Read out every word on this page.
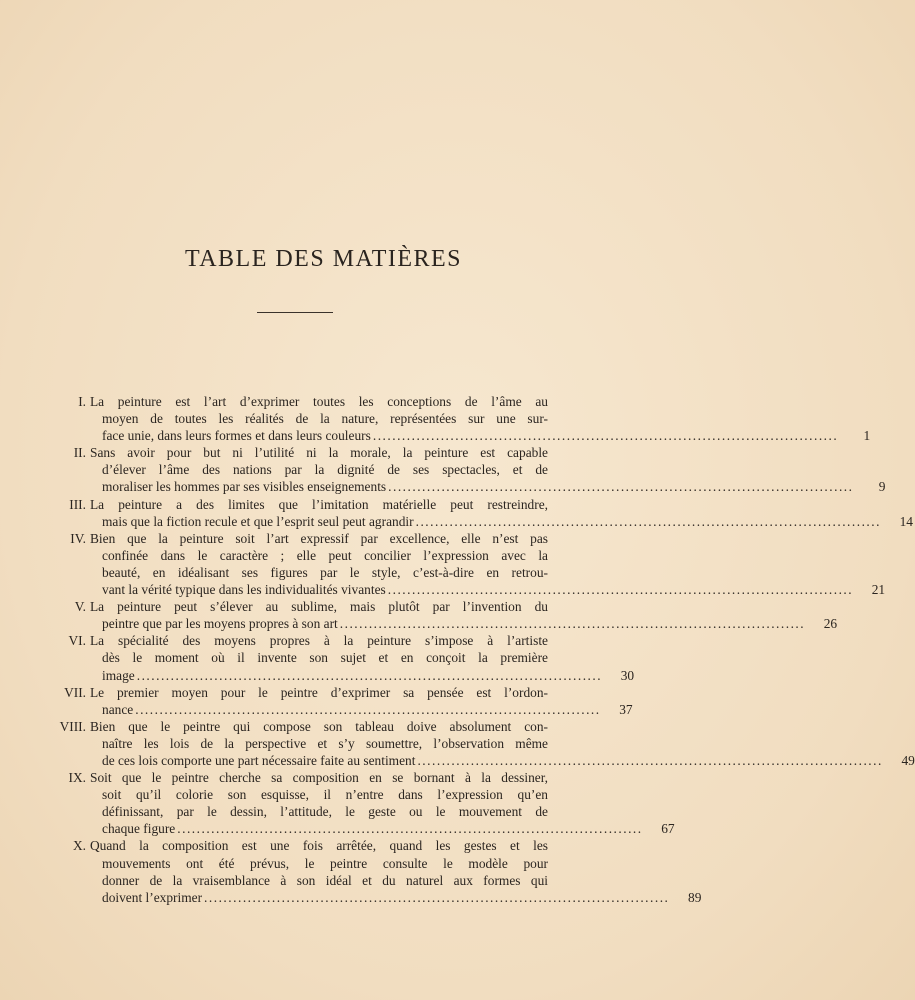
TABLE DES MATIÈRES
I. La peinture est l’art d’exprimer toutes les conceptions de l’âme au
moyen de toutes les réalités de la nature, représentées sur une sur-
face unie, dans leurs formes et dans leurs couleurs ................................................................................................	1
II. Sans avoir pour but ni l’utilité ni la morale, la peinture est capable
d’élever l’âme des nations par la dignité de ses spectacles, et de
moraliser les hommes par ses visibles enseignements ................................................................................................	9
III. La peinture a des limites que l’imitation matérielle peut restreindre,
mais que la fiction recule et que l’esprit seul peut agrandir ................................................................................................	14
IV. Bien que la peinture soit l’art expressif par excellence, elle n’est pas
confinée dans le caractère ; elle peut concilier l’expression avec la
beauté, en idéalisant ses figures par le style, c’est-à-dire en retrou-
vant la vérité typique dans les individualités vivantes ................................................................................................	21
V. La peinture peut s’élever au sublime, mais plutôt par l’invention du
peintre que par les moyens propres à son art ................................................................................................	26
VI. La spécialité des moyens propres à la peinture s’impose à l’artiste
dès le moment où il invente son sujet et en conçoit la première
image ................................................................................................	30
VII. Le premier moyen pour le peintre d’exprimer sa pensée est l’ordon-
nance ................................................................................................	37
VIII. Bien que le peintre qui compose son tableau doive absolument con-
naître les lois de la perspective et s’y soumettre, l’observation même
de ces lois comporte une part nécessaire faite au sentiment ................................................................................................	49
IX. Soit que le peintre cherche sa composition en se bornant à la dessiner,
soit qu’il colorie son esquisse, il n’entre dans l’expression qu’en
définissant, par le dessin, l’attitude, le geste ou le mouvement de
chaque figure ................................................................................................	67
X. Quand la composition est une fois arrêtée, quand les gestes et les
mouvements ont été prévus, le peintre consulte le modèle pour
donner de la vraisemblance à son idéal et du naturel aux formes qui
doivent l’exprimer ................................................................................................	89
